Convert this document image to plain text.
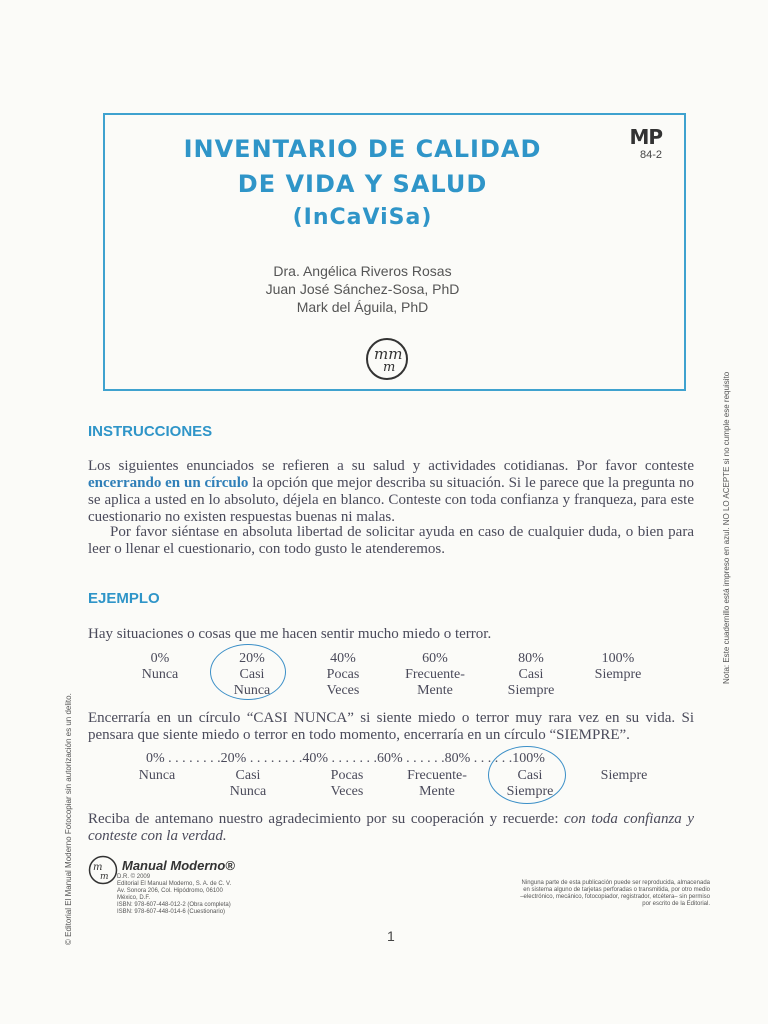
INVENTARIO DE CALIDAD
DE VIDA Y SALUD
(InCaViSa)
MP
84-2
Dra. Angélica Riveros Rosas
Juan José Sánchez-Sosa, PhD
Mark del Águila, PhD
mm
m
INSTRUCCIONES

Los siguientes enunciados se refieren a su salud y actividades cotidianas. Por favor conteste encerrando en un círculo la opción que mejor describa su situación. Si le parece que la pregunta no se aplica a usted en lo absoluto, déjela en blanco. Conteste con toda confianza y franqueza, para este cuestionario no existen respuestas buenas ni malas.

Por favor siéntase en absoluta libertad de solicitar ayuda en caso de cualquier duda, o bien para leer o llenar el cuestionario, con todo gusto le atenderemos.

EJEMPLO

Hay situaciones o cosas que me hacen sentir mucho miedo o terror.

0%
Nunca
20%
Casi
Nunca
40%
Pocas
Veces
60%
Frecuente-
Mente
80%
Casi
Siempre
100%
Siempre

Encerraría en un círculo “CASI NUNCA” si siente miedo o terror muy rara vez en su vida. Si pensara que siente miedo o terror en todo momento, encerraría en un círculo “SIEMPRE”.

0% . . . . . . . .20% . . . . . . . .40% . . . . . . .60% . . . . . .80% . . . . . .100%
Nunca	Casi
Nunca
Pocas
Veces
Frecuente-
Mente
Casi
Siempre
Siempre

Reciba de antemano nuestro agradecimiento por su cooperación y recuerde: con toda confianza y conteste con la verdad.

m
m
Manual Moderno®
D.R. © 2009
Editorial El Manual Moderno, S. A. de C. V.
Av. Sonora 206, Col. Hipódromo, 06100
México, D.F.
ISBN: 978-607-448-012-2 (Obra completa)
ISBN: 978-607-448-014-6 (Cuestionario)
Ninguna parte de esta publicación puede ser reproducida, almacenada
en sistema alguno de tarjetas perforadas o transmitida, por otro medio
–electrónico, mecánico, fotocopiador, registrador, etcétera– sin permiso
por escrito de la Editorial.
1
© Editorial El Manual Moderno Fotocopiar sin autorización es un delito.
Nota: Este cuadernillo está impreso en azul. NO LO ACEPTE si no cumple ese requisito
